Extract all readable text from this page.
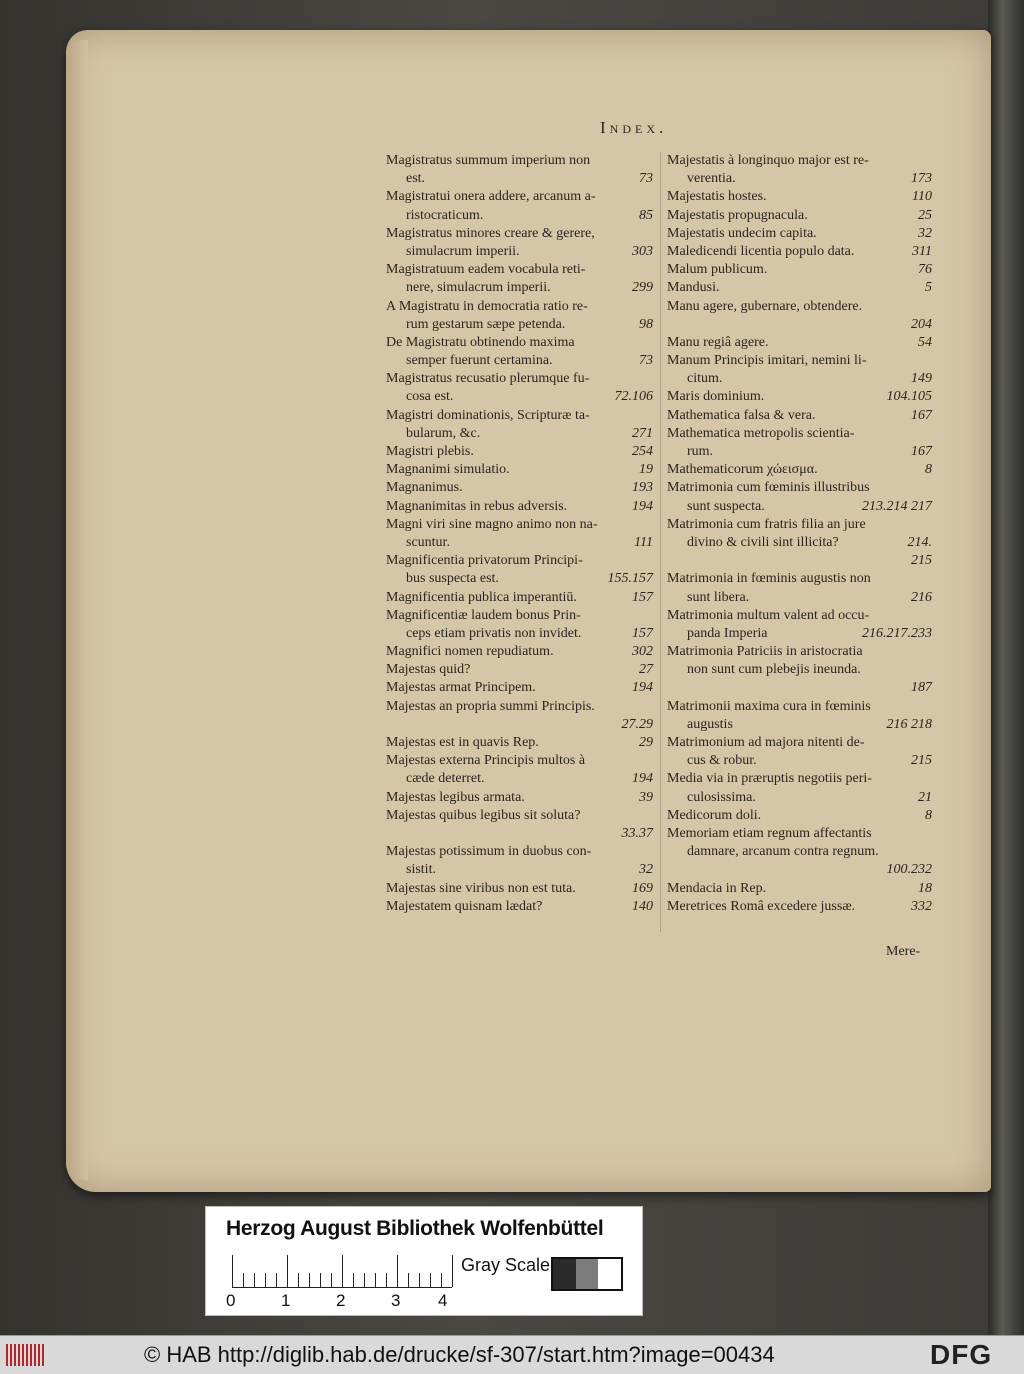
Index.
Magistratus summum imperium non
est.	73
Magistratui onera addere, arcanum a-
ristocraticum.	85
Magistratus minores creare & gerere,
simulacrum imperii.	303
Magistratuum eadem vocabula reti-
nere, simulacrum imperii.	299
A Magistratu in democratia ratio re-
rum gestarum sæpe petenda.	98
De Magistratu obtinendo maxima
semper fuerunt certamina.	73
Magistratus recusatio plerumque fu-
cosa est.	72.106
Magistri dominationis, Scripturæ ta-
bularum, &c.	271
Magistri plebis.	254
Magnanimi simulatio.	19
Magnanimus.	193
Magnanimitas in rebus adversis.	194
Magni viri sine magno animo non na-
scuntur.	111
Magnificentia privatorum Principi-
bus suspecta est.	155.157
Magnificentia publica imperantiū.	157
Magnificentiæ laudem bonus Prin-
ceps etiam privatis non invidet.	157
Magnifici nomen repudiatum.	302
Majestas quid?	27
Majestas armat Principem.	194
Majestas an propria summi Principis.
27.29
Majestas est in quavis Rep.	29
Majestas externa Principis multos à
cæde deterret.	194
Majestas legibus armata.	39
Majestas quibus legibus sit soluta?
33.37
Majestas potissimum in duobus con-
sistit.	32
Majestas sine viribus non est tuta.	169
Majestatem quisnam lædat?	140
Majestatis à longinquo major est re-
verentia.	173
Majestatis hostes.	110
Majestatis propugnacula.	25
Majestatis undecim capita.	32
Maledicendi licentia populo data.	311
Malum publicum.	76
Mandusi.	5
Manu agere, gubernare, obtendere.
204
Manu regiâ agere.	54
Manum Principis imitari, nemini li-
citum.	149
Maris dominium.	104.105
Mathematica falsa & vera.	167
Mathematica metropolis scientia-
rum.	167
Mathematicorum χώεισμα.	8
Matrimonia cum fœminis illustribus
sunt suspecta.	213.214 217
Matrimonia cum fratris filia an jure
divino & civili sint illicita?	214.
215
Matrimonia in fœminis augustis non
sunt libera.	216
Matrimonia multum valent ad occu-
panda Imperia	216.217.233
Matrimonia Patriciis in aristocratia
non sunt cum plebejis ineunda.
187
Matrimonii maxima cura in fœminis
augustis	216 218
Matrimonium ad majora nitenti de-
cus & robur.	215
Media via in præruptis negotiis peri-
culosissima.	21
Medicorum doli.	8
Memoriam etiam regnum affectantis
damnare, arcanum contra regnum.
100.232
Mendacia in Rep.	18
Meretrices Româ excedere jussæ.	332
Mere-
Herzog August Bibliothek Wolfenbüttel
0	1	2	3 4
Gray Scale
© HAB http://diglib.hab.de/drucke/sf-307/start.htm?image=00434	DFG
